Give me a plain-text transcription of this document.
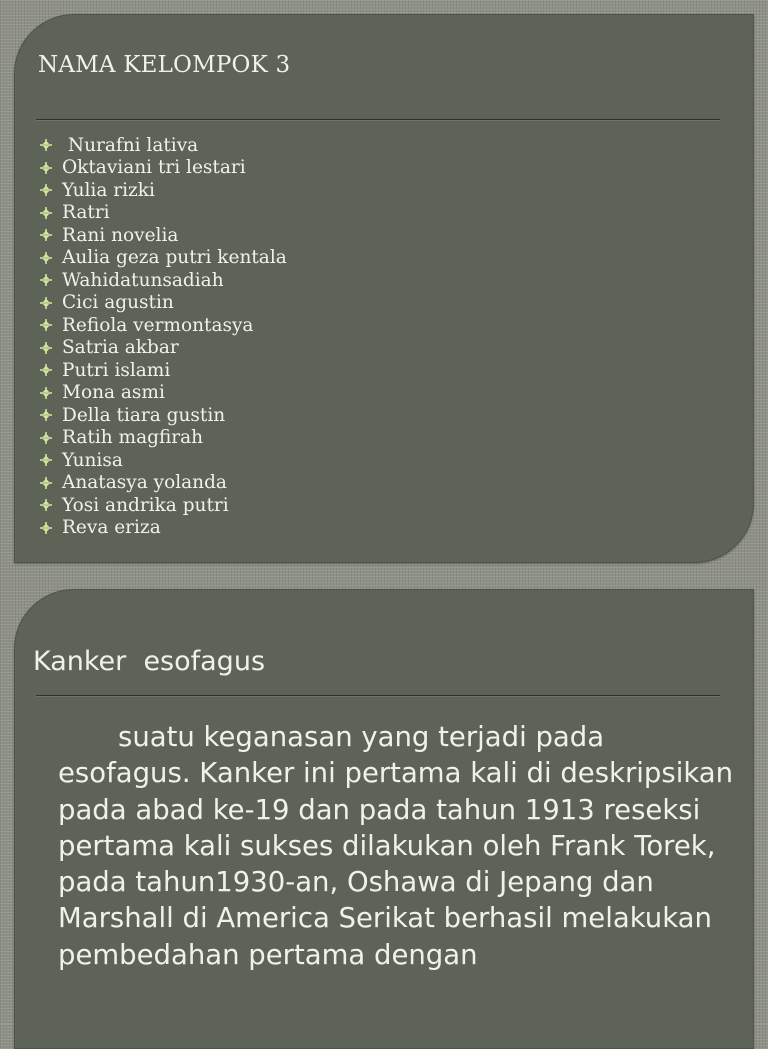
NAMA KELOMPOK 3
Nurafni lativa
Oktaviani tri lestari
Yulia rizki
Ratri
Rani novelia
Aulia geza putri kentala
Wahidatunsadiah
Cici agustin
Refiola vermontasya
Satria akbar
Putri islami
Mona asmi
Della tiara gustin
Ratih magfirah
Yunisa
Anatasya yolanda
Yosi andrika putri
Reva eriza
Kanker  esofagus

suatu keganasan yang terjadi pada esofagus. Kanker ini pertama kali di deskripsikan pada abad ke-19 dan pada tahun 1913 reseksi pertama kali sukses dilakukan oleh Frank Torek, pada tahun1930-an, Oshawa di Jepang dan Marshall di America Serikat berhasil melakukan pembedahan pertama dengan
